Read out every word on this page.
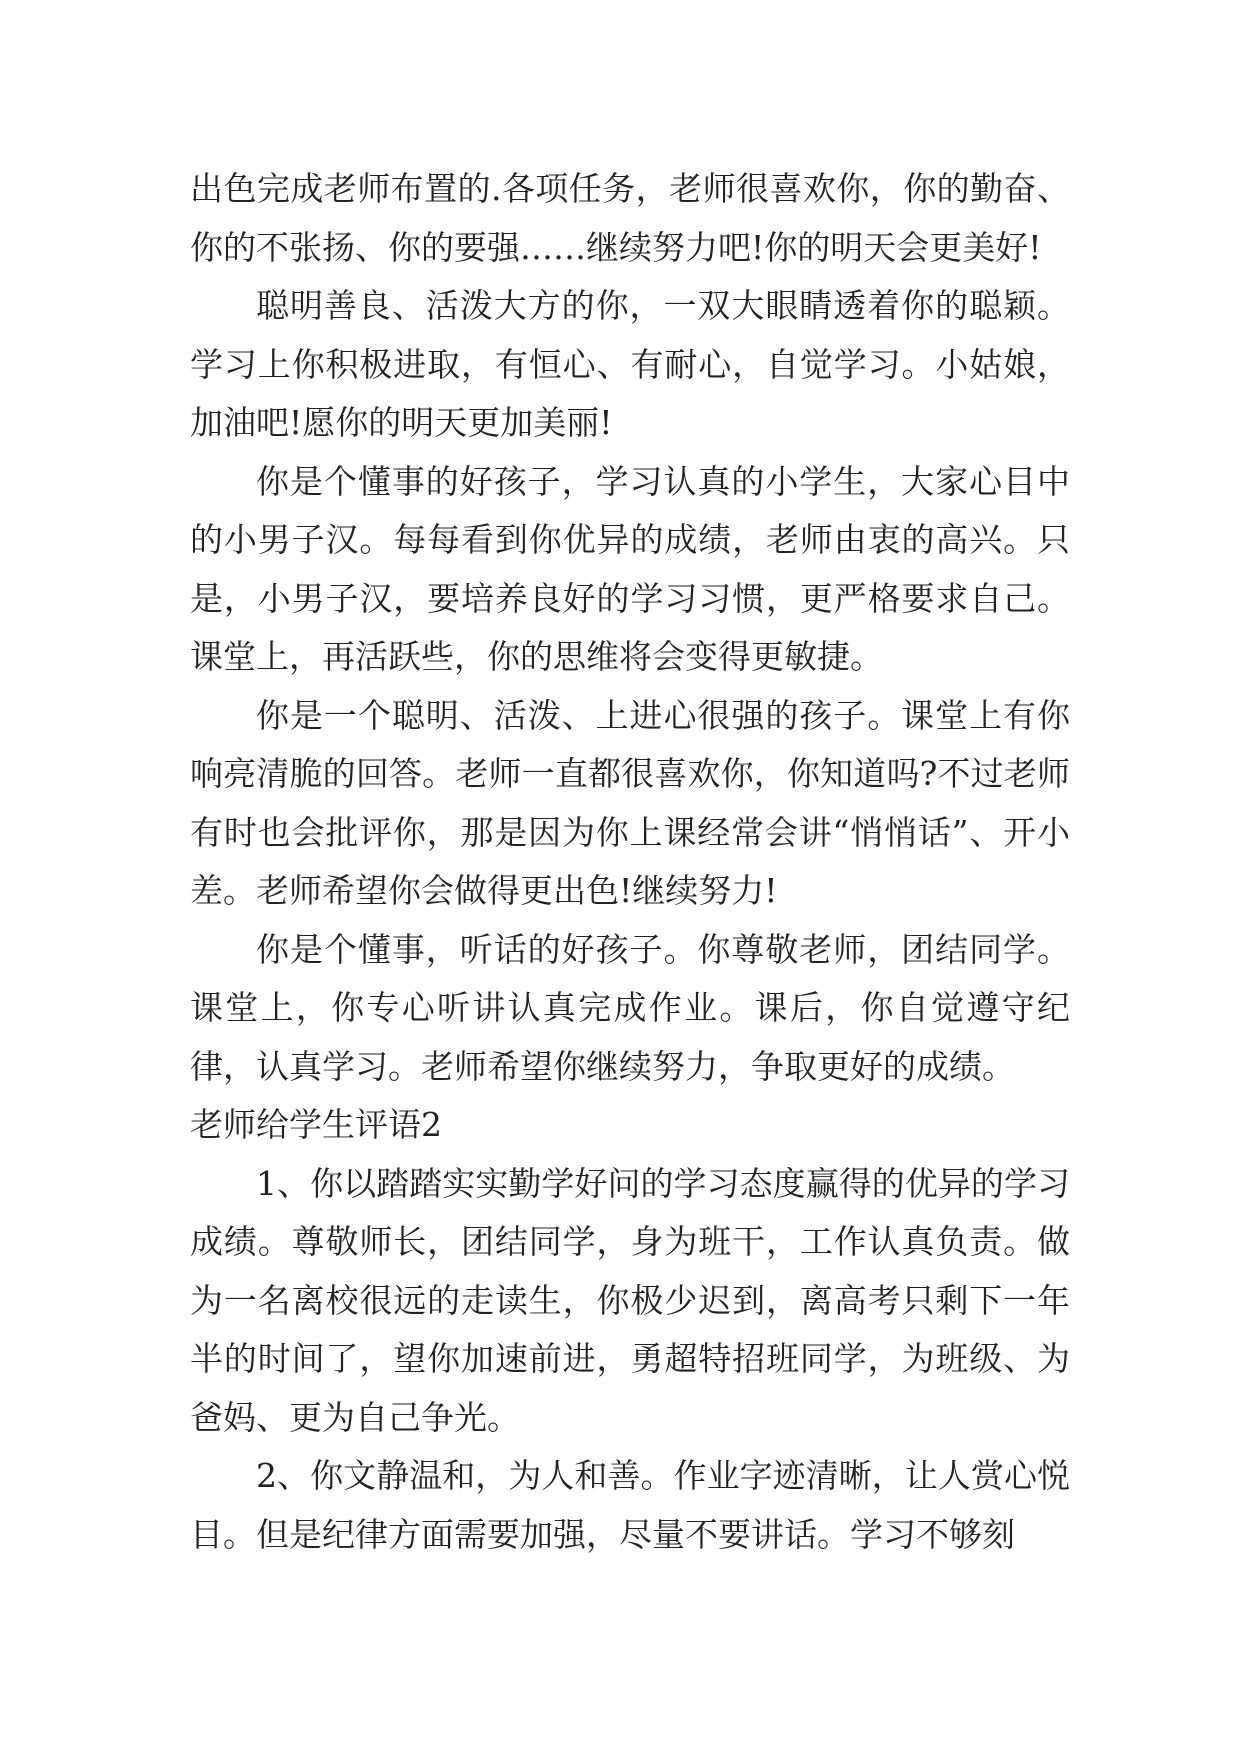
出色完成老师布置的.各项任务，老师很喜欢你，你的勤奋、你的不张扬、你的要强……继续努力吧!你的明天会更美好!

聪明善良、活泼大方的你，一双大眼睛透着你的聪颖。学习上你积极进取，有恒心、有耐心，自觉学习。小姑娘，加油吧!愿你的明天更加美丽!

你是个懂事的好孩子，学习认真的小学生，大家心目中的小男子汉。每每看到你优异的成绩，老师由衷的高兴。只是，小男子汉，要培养良好的学习习惯，更严格要求自己。课堂上，再活跃些，你的思维将会变得更敏捷。

你是一个聪明、活泼、上进心很强的孩子。课堂上有你响亮清脆的回答。老师一直都很喜欢你，你知道吗?不过老师有时也会批评你，那是因为你上课经常会讲“悄悄话”、开小差。老师希望你会做得更出色!继续努力!

你是个懂事，听话的好孩子。你尊敬老师，团结同学。课堂上，你专心听讲认真完成作业。课后，你自觉遵守纪律，认真学习。老师希望你继续努力，争取更好的成绩。

老师给学生评语2

1、你以踏踏实实勤学好问的学习态度赢得的优异的学习成绩。尊敬师长，团结同学，身为班干，工作认真负责。做为一名离校很远的走读生，你极少迟到，离高考只剩下一年半的时间了，望你加速前进，勇超特招班同学，为班级、为爸妈、更为自己争光。

2、你文静温和，为人和善。作业字迹清晰，让人赏心悦目。但是纪律方面需要加强，尽量不要讲话。学习不够刻
